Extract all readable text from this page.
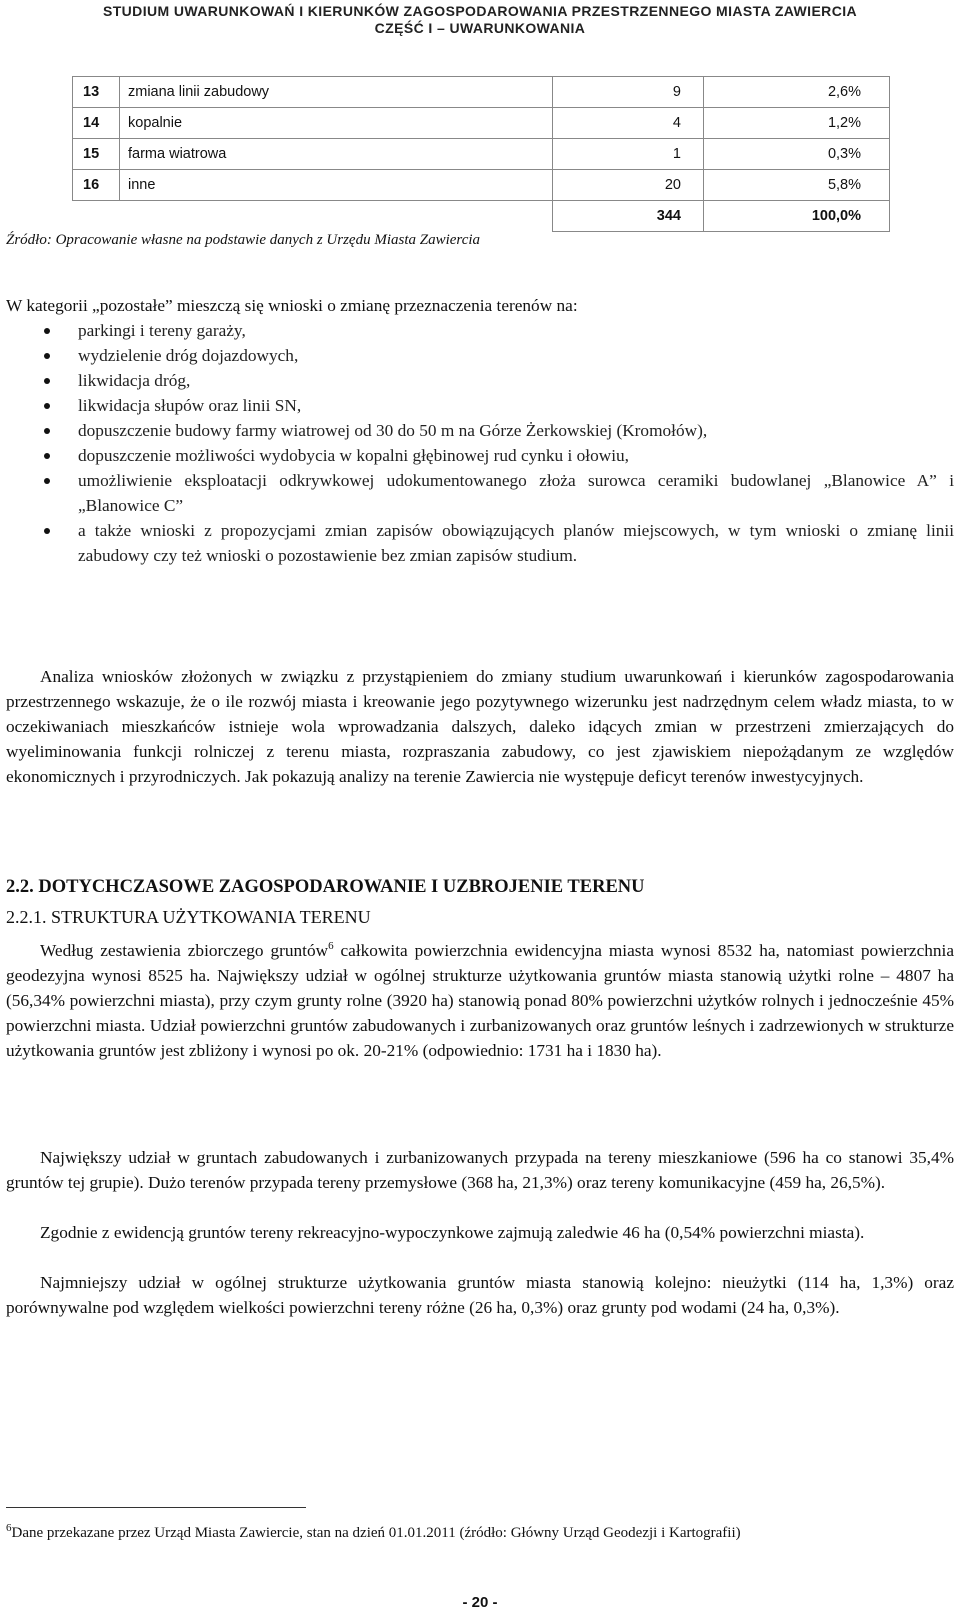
STUDIUM UWARUNKOWAŃ I KIERUNKÓW ZAGOSPODAROWANIA PRZESTRZENNEGO MIASTA ZAWIERCIA
CZĘŚĆ I – UWARUNKOWANIA
13	zmiana linii zabudowy	9	2,6%
14	kopalnie	4	1,2%
15	farma wiatrowa	1	0,3%
16	inne	20	5,8%
		344	100,0%
Źródło: Opracowanie własne na podstawie danych z Urzędu Miasta Zawiercia
W kategorii „pozostałe” mieszczą się wnioski o zmianę przeznaczenia terenów na:
parkingi i tereny garaży,
wydzielenie dróg dojazdowych,
likwidacja dróg,
likwidacja słupów oraz linii SN,
dopuszczenie budowy farmy wiatrowej od 30 do 50 m na Górze Żerkowskiej (Kromołów),
dopuszczenie możliwości wydobycia w kopalni głębinowej rud cynku i ołowiu,
umożliwienie eksploatacji odkrywkowej udokumentowanego złoża surowca ceramiki budowlanej „Blanowice A” i „Blanowice C”
a także wnioski z propozycjami zmian zapisów obowiązujących planów miejscowych, w tym wnioski o zmianę linii zabudowy czy też wnioski o pozostawienie bez zmian zapisów studium.
Analiza wniosków złożonych w związku z przystąpieniem do zmiany studium uwarunkowań i kierunków zagospodarowania przestrzennego wskazuje, że o ile rozwój miasta i kreowanie jego pozytywnego wizerunku jest nadrzędnym celem władz miasta, to w oczekiwaniach mieszkańców istnieje wola wprowadzania dalszych, daleko idących zmian w przestrzeni zmierzających do wyeliminowania funkcji rolniczej z terenu miasta, rozpraszania zabudowy, co jest zjawiskiem niepożądanym ze względów ekonomicznych i przyrodniczych. Jak pokazują analizy na terenie Zawiercia nie występuje deficyt terenów inwestycyjnych.
2.2. DOTYCHCZASOWE ZAGOSPODAROWANIE I UZBROJENIE TERENU
2.2.1. STRUKTURA UŻYTKOWANIA TERENU
Według zestawienia zbiorczego gruntów$^6$ całkowita powierzchnia ewidencyjna miasta wynosi 8532 ha, natomiast powierzchnia geodezyjna wynosi 8525 ha. Największy udział w ogólnej strukturze użytkowania gruntów miasta stanowią użytki rolne – 4807 ha (56,34% powierzchni miasta), przy czym grunty rolne (3920 ha) stanowią ponad 80% powierzchni użytków rolnych i jednocześnie 45% powierzchni miasta. Udział powierzchni gruntów zabudowanych i zurbanizowanych oraz gruntów leśnych i zadrzewionych w strukturze użytkowania gruntów jest zbliżony i wynosi po ok. 20-21% (odpowiednio: 1731 ha i 1830 ha).
Największy udział w gruntach zabudowanych i zurbanizowanych przypada na tereny mieszkaniowe (596 ha co stanowi 35,4% gruntów tej grupie). Dużo terenów przypada tereny przemysłowe (368 ha, 21,3%) oraz tereny komunikacyjne (459 ha, 26,5%).
Zgodnie z ewidencją gruntów tereny rekreacyjno-wypoczynkowe zajmują zaledwie 46 ha (0,54% powierzchni miasta).
Najmniejszy udział w ogólnej strukturze użytkowania gruntów miasta stanowią kolejno: nieużytki (114 ha, 1,3%) oraz porównywalne pod względem wielkości powierzchni tereny różne (26 ha, 0,3%) oraz grunty pod wodami (24 ha, 0,3%).
$^6$Dane przekazane przez Urząd Miasta Zawiercie, stan na dzień 01.01.2011 (źródło: Główny Urząd Geodezji i Kartografii)
- 20 -
